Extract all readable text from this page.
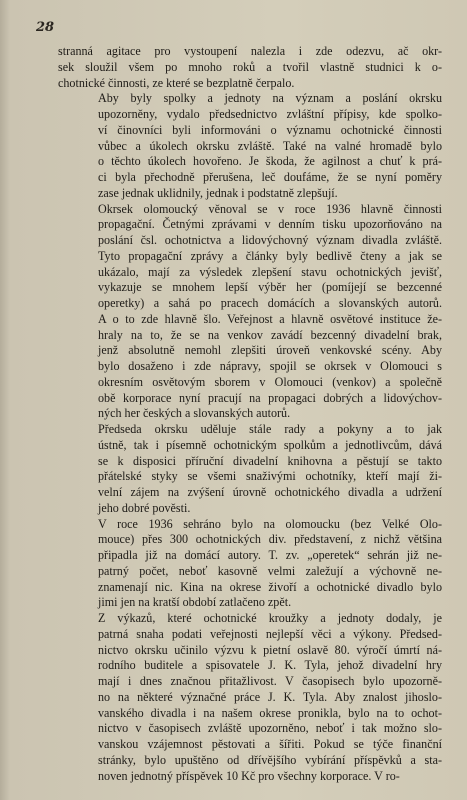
28

stranná agitace pro vystoupení nalezla i zde odezvu, ač okr-
sek sloužil všem po mnoho roků a tvořil vlastně studnici k o-
chotnické činnosti, ze které se bezplatně čerpalo.

Aby byly spolky a jednoty na význam a poslání okrsku
upozorněny, vydalo předsednictvo zvláštní přípisy, kde spolko-
ví činovníci byli informováni o významu ochotnické činnosti
vůbec a úkolech okrsku zvláště. Také na valné hromadě bylo
o těchto úkolech hovořeno. Je škoda, že agilnost a chuť k prá-
ci byla přechodně přerušena, leč doufáme, že se nyní poměry
zase jednak uklidnily, jednak i podstatně zlepšují.

Okrsek olomoucký věnoval se v roce 1936 hlavně činnosti
propagační. Četnými zprávami v denním tisku upozorňováno na
poslání čsl. ochotnictva a lidovýchovný význam divadla zvláště.
Tyto propagační zprávy a články byly bedlivě čteny a jak se
ukázalo, mají za výsledek zlepšení stavu ochotnických jevišť,
vykazuje se mnohem lepší výběr her (pomíjejí se bezcenné
operetky) a sahá po pracech domácích a slovanských autorů.
A o to zde hlavně šlo. Veřejnost a hlavně osvětové instituce že-
hraly na to, že se na venkov zavádí bezcenný divadelní brak,
jenž absolutně nemohl zlepšiti úroveň venkovské scény. Aby
bylo dosaženo i zde nápravy, spojil se okrsek v Olomouci s
okresním osvětovým sborem v Olomouci (venkov) a společně
obě korporace nyní pracují na propagaci dobrých a lidovýchov-
ných her českých a slovanských autorů.

Předseda okrsku uděluje stále rady a pokyny a to jak
ústně, tak i písemně ochotnickým spolkům a jednotlivcům, dává
se k disposici příruční divadelní knihovna a pěstují se takto
přátelské styky se všemi snaživými ochotníky, kteří mají ži-
velní zájem na zvýšení úrovně ochotnického divadla a udržení
jeho dobré pověsti.

V roce 1936 sehráno bylo na olomoucku (bez Velké Olo-
mouce) přes 300 ochotnických div. představení, z nichž většina
připadla již na domácí autory. T. zv. „operetek“ sehrán již ne-
patrný počet, neboť kasovně velmi zaležují a výchovně ne-
znamenají nic. Kina na okrese živoří a ochotnické divadlo bylo
jimi jen na kratší období zatlačeno zpět.

Z výkazů, které ochotnické kroužky a jednoty dodaly, je
patrná snaha podati veřejnosti nejlepší věci a výkony. Předsed-
nictvo okrsku učinilo výzvu k pietní oslavě 80. výročí úmrtí ná-
rodního buditele a spisovatele J. K. Tyla, jehož divadelní hry
mají i dnes značnou přitažlivost. V časopisech bylo upozorně-
no na některé význačné práce J. K. Tyla. Aby znalost jihoslo-
vanského divadla i na našem okrese pronikla, bylo na to ochot-
nictvo v časopisech zvláště upozorněno, neboť i tak možno slo-
vanskou vzájemnost pěstovati a šířiti. Pokud se týče finanční
stránky, bylo upuštěno od dřívějšího vybírání příspěvků a sta-
noven jednotný příspěvek 10 Kč pro všechny korporace. V ro-
